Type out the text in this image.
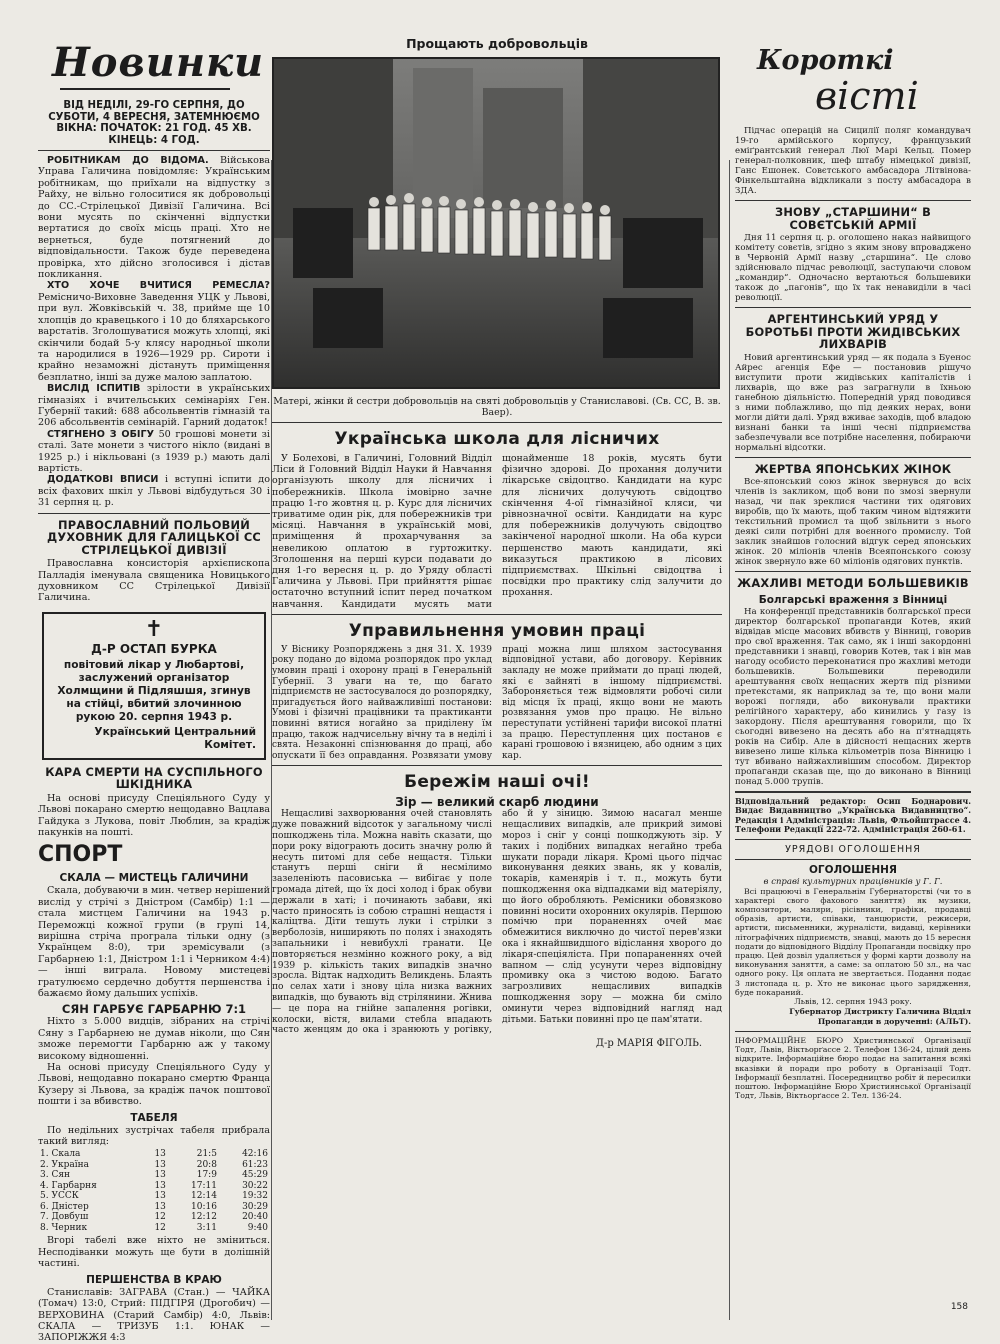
Новинки
ВІД НЕДІЛІ, 29-ГО СЕРПНЯ, ДО СУБОТИ, 4 ВЕРЕСНЯ, ЗАТЕМНЮЄМО ВІКНА: ПОЧАТОК: 21 ГОД. 45 ХВ. КІНЕЦЬ: 4 ГОД.

РОБІТНИКАМ ДО ВІДОМА. Військова Управа Галичина повідомляє: Українським робітникам, що приїхали на відпустку з Райху, не вільно голоситися як добровольці до СС.-Стрілецької Дивізії Галичина. Всі вони мусять по скінченні відпустки вертатися до своїх місць праці. Хто не вернеться, буде потягнений до відповідальности. Також буде переведена провірка, хто дійсно зголосився і дістав покликання.

ХТО ХОЧЕ ВЧИТИСЯ РЕМЕСЛА? Ремісничо-Виховне Заведення УЦК у Львові, при вул. Жовківській ч. 38, прийме ще 10 хлопців до кравецького і 10 до бляхарського варстатів. Зголошуватися можуть хлопці, які скінчили бодай 5-у клясу народньої школи та народилися в 1926—1929 рр. Сироти і крайно незаможні дістануть приміщення безплатно, інші за дуже малою заплатою.

ВИСЛІД ІСПИТІВ зрілости в українських гімназіях і вчительських семінаріях Ген. Губернії такий: 688 абсольвентів гімназій та 206 абсольвентів семінарій. Гарний додаток!

СТЯГНЕНО З ОБІГУ 50 грошові монети зі сталі. Зате монети з чистого нікло (видані в 1925 р.) і нікльовані (з 1939 р.) мають далі вартість.

ДОДАТКОВІ ВПИСИ і вступні іспити до всіх фахових шкіл у Львові відбудуться 30 і 31 серпня ц. р.

ПРАВОСЛАВНИЙ ПОЛЬОВИЙ ДУХОВНИК ДЛЯ ГАЛИЦЬКОЇ СС СТРІЛЕЦЬКОЇ ДИВІЗІЇ

Православна консисторія архієпископа Палладія іменувала священика Новицького духовником СС Стрілецької Дивізії Галичина.

✝
Д-Р ОСТАП БУРКА
повітовий лікар у Любартові, заслужений організатор Холмщини й Підляшшя, згинув на стійці, вбитий злочинною рукою 20. серпня 1943 р.
Український Центральний Комітет.
КАРА СМЕРТИ НА СУСПІЛЬНОГО ШКІДНИКА

На основі присуду Спеціяльного Суду у Львові покарано смертю нещодавно Вацлава Гайдука з Лукова, повіт Люблин, за крадіж пакунків на пошті.

СПОРТ
СКАЛА — МИСТЕЦЬ ГАЛИЧИНИ

Скала, добуваючи в мин. четвер нерішений вислід у стрічі з Дністром (Самбір) 1:1 — стала мистцем Галичини на 1943 р. Переможці кожної групи (в групі 14, вирішна стріча програла тільки одну (з Українцем 8:0), три зремісували (з Гарбарнею 1:1, Дністром 1:1 і Черником 4:4) — інші виграла. Новому мистецеві гратулюємо сердечно добуття першенства і бажаємо йому дальших успіхів.

СЯН ГАРБУЄ ГАРБАРНЮ 7:1

Ніхто з 5.000 видців, зібраних на стрічі Сяну з Гарбарнею не думав ніколи, що Сян зможе перемогти Гарбарню аж у такому високому відношенні.

На основі присуду Спеціяльного Суду у Львові, нещодавно покарано смертю Франца Кузеру зі Львова, за крадіж пачок поштової пошти і за вбивство.

ТАБЕЛЯ

По недільних зустрічах табеля прибрала такий вигляд:

1. Скала	13	21:5	42:16
2. Україна	13	20:8	61:23
3. Сян	13	17:9	45:29
4. Гарбарня	13	17:11	30:22
5. УССК	13	12:14	19:32
6. Дністер	13	10:16	30:29
7. Довбуш	12	12:12	20:40
8. Черник	12	3:11	9:40

Вгорі табелі вже ніхто не зміниться. Несподіванки можуть ще бути в долішній частині.

ПЕРШЕНСТВА В КРАЮ

Станиславів: ЗАГРАВА (Стан.) — ЧАЙКА (Томач) 13:0, Стрий: ПІДГІРЯ (Дрогобич) — ВЕРХОВИНА (Старий Самбір) 4:0, Львів: СКАЛА — ТРИЗУБ 1:1. ЮНАК — ЗАПОРІЖЖЯ 4:3

Прощають добровольців
Матері, жінки й сестри добровольців на святі добровольців у Станиславові. (Св. СС, В. зв. Ваер).
Українська школа для лісничих

У Болехові, в Галичині, Головний Відділ Ліси й Головний Відділ Науки й Навчання організують школу для лісничих і побережників. Школа імовірно зачне працю 1-го жовтня ц. р. Курс для лісничих триватиме один рік, для побережників три місяці. Навчання в українській мові, приміщення й прохарчування за невеликою оплатою в гуртожитку. Зголошення на перші курси подавати до дня 1-го вересня ц. р. до Уряду області Галичина у Львові. При прийняття рішає остаточно вступний іспит перед початком навчання. Кандидати мусять мати щонайменше 18 років, мусять бути фізично здорові. До прохання долучити лікарське свідоцтво. Кандидати на курс для лісничих долучують свідоцтво скінчення 4-ої гімназійної кляси, чи рівнозначної освіти. Кандидати на курс для побережників долучують свідоцтво закінченої народної школи. На оба курси першенство мають кандидати, які виказуться практикою в лісових підприємствах. Шкільні свідоцтва і посвідки про практику слід залучити до прохання.

Управильнення умовин праці

У Віснику Розпоряджень з дня 31. X. 1939 року подано до відома розпорядок про уклад умовин праці і охорону праці в Генеральній Губернії. З уваги на те, що багато підприємств не застосувалося до розпорядку, пригадується його найважливіші постанови: Умові і фізичні працівники та практиканти повинні вятися ногайно за приділену їм працю, також надчисельну вічну та в неділі і свята. Незаконні спізнювання до праці, або опускати її без оправдання. Розвязати умову праці можна лиш шляхом застосування відповідної устави, або договору. Керівник закладу не може приймати до праці людей, які є зайняті в іншому підприємстві. Забороняється теж відмовляти робочі сили від місця їх праці, якщо вони не мають розвязання умов про працю. Не вільно переступати устійнені тарифи високої платні за працю. Переступлення цих постанов є карані грошовою і вязницею, або одним з цих кар.

Бережім наші очі!
Зір — великий скарб людини

Нещасливі захворювання очей становлять дуже поважний відсоток у загальному числі пошкоджень тіла. Можна навіть сказати, що пори року відограють досить значну ролю й несуть питомі для себе нещастя. Тільки станутъ перші сніги й несмілимо зазеленіють пасовиська — вибігає у поле громада дітей, що їх досі холод і брак обуви держали в хаті; і починають забави, які часто приносять із собою страшні нещастя і каліцтва. Діти тешуть луки і стрілки з верболозів, ниширяють по полях і знаходять запальники і невибухлі гранати. Це повторяється незмінно кожного року, а від 1939 р. кількість таких випадків значно зросла. Відтак надходить Великдень. Блаять по селах хати і знову ціла низка важних випадків, що бувають від стрілянини. Жнива — це пора на гнійне запалення рогівки, колоски, вістя, вилами стебла впадають часто женцям до ока і зранюють у рогівку, або й у зіницю. Зимою насагал менше нещасливих випадків, але прикрий зимові мороз і сніг у сонці пошкоджують зір. У таких і подібних випадках негайно треба шукати поради лікаря. Кромі цього підчас виконування деяких звань, як у ковалів, токарів, каменярів і т. п., можуть бути пошкодження ока відпадками від матеріялу, що його обробляють. Ремісники обовязково повинні носити охоронних окулярів. Першою помічю при пораненнях очей має обмежитися виключно до чистої перев'язки ока і якнайшвидшого відіслання хворого до лікаря-спеціяліста. При попараненнях очей вапном — слід усунути через відповідну промивку ока з чистою водою. Багато загрозливих нещасливих випадків пошкодження зору — можна би сміло оминути через відповідний нагляд над дітьми. Батьки повинні про це пам'ятати.

Д-р МАРІЯ ФІГОЛЬ.
Короткі
вісті

Підчас операцій на Сицилії поляг командувач 19-го армійського корпусу, французький еміґрантський генерал Люї Марі Кельц. Помер генерал-полковник, шеф штабу німецької дивізії, Ганс Ешонек. Совєтського амбасадора Літвінова-Фінкельштайна відкликали з посту амбасадора в ЗДА.

ЗНОВУ „СТАРШИНИ“ В СОВЄТСЬКІЙ АРМІЇ

Дня 11 серпня ц. р. оголошено наказ найвищого комітету совєтів, згідно з яким знову впроваджено в Червоній Армії назву „старшина“. Це слово здійснювало підчас революції, заступаючи словом „командир“. Одночасно вертаються большевики також до „пагонів“, що їх так ненавиділи в часі революції.

АРГЕНТИНСЬКИЙ УРЯД У БОРОТЬБІ ПРОТИ ЖИДІВСЬКИХ ЛИХВАРІВ

Новий аргентинський уряд — як подала з Буенос Айрес агенція Ефе — постановив рішучо виступити проти жидівських капіталістів і лихварів, що вже раз заграгнули в їхньою ганебною діяльністю. Попередній уряд поводився з ними поблажливо, що під деяких нерах, вони могли дійти далі. Уряд вживає заходів, щоб владою визнані банки та інші чесні підприємства забезпечували все потрібне населення, побираючи нормальні відсотки.

ЖЕРТВА ЯПОНСЬКИХ ЖІНОК

Все-японський союз жінок звернувся до всіх членів із закликом, щоб вони по змозі звернули назад, чи пак зреклися частини тих одягових виробів, що їх мають, щоб таким чином відтяжити текстильний промисл та щоб звільнити з нього деякі сили потрібні для воєнного промислу. Той заклик знайшов голосний відгук серед японських жінок. 20 міліонів членів Всеяпонського союзу жінок звернуло вже 60 міліонів одягових пунктів.

ЖАХЛИВІ МЕТОДИ БОЛЬШЕВИКІВ
Болгарські враження з Вінниці

На конференції представників болгарської преси директор болгарської пропаганди Котев, який відвідав місце масових вбивств у Вінниці, говорив про свої враження. Так само, як і інші закордонні представники і знавці, говорив Котев, так і він мав нагоду особисто переконатися про жахливі методи большевиків. Большевики переводили арештування своїх нещасних жертв під різними претекстами, як наприклад за те, що вони мали ворожі погляди, або виконували практики релігійного характеру, або кинились у газу із закордону. Після арештування говорили, що їх сьогодні вивезено на десять або на п'ятнадцять років на Сибір. Але в дійсності нещасних жертв вивезено лише кілька кільометрів поза Вінницю і тут вбивано найжахливішим способом. Директор пропаганди сказав ще, що до виконано в Вінниці понад 5.000 трупів.

Відповідальний редактор: Осип Боднарович. Видає Видавництво „Українська Видавництво“. Редакція і Адміністрація: Львів, Фльойштрассе 4. Телефони Редакції 222-72. Адміністрація 260-61.

УРЯДОВІ ОГОЛОШЕННЯ
ОГОЛОШЕННЯ
в справі культурних працівників у Г. Г.

Всі працюючі в Генеральнім Губернаторстві (чи то в характері свого фахового заняття) як музики, композитори, маляри, рісівники, графіки, продавці образів, артисти, співаки, танцюристи, режисери, артисти, письменники, журналісти, видавці, керівники літографічних підприємств, знавці, мають до 15 вересня подати до відповідного Відділу Пропаганди посвідку про працю. Цей дозвіл удаляється у формі карти дозволу на виконування заняття, а саме: за оплатою 50 зл., на час одного року. Ця оплата не звертається. Подання подає 3 листопада ц. р. Хто не виконає цього зарядження, буде покараний.

Львів, 12. серпня 1943 року.
Губернатор Дистрикту Галичина Відділ Пропаганди в дорученні: (АЛЬТ).

ІНФОРМАЦІЙНЕ БЮРО Християнської Організації Тодт, Львів, Віктьорґассе 2. Телефон 136-24, цілий день відкрите. Інформаційне бюро подає на запитання всякі вказівки й поради про роботу в Організації Тодт. Інформації безплатні. Посередництво робіт й пересилки поштою. Інформаційне Бюро Християнської Організації Тодт, Львів, Віктьорґассе 2. Тел. 136-24.

158
